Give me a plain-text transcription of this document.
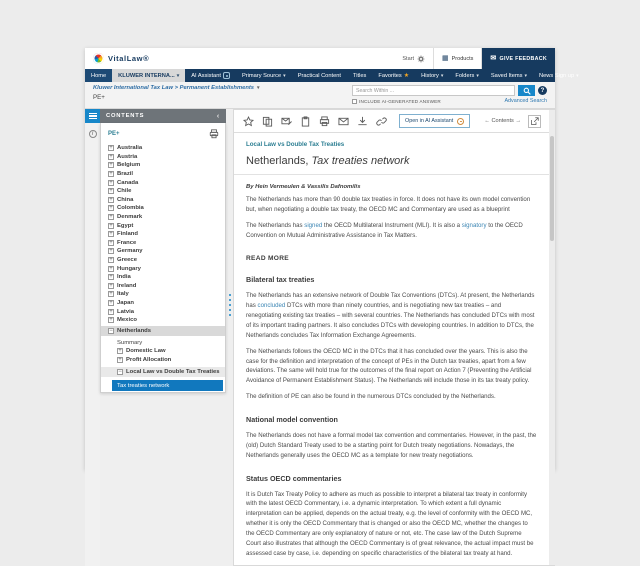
VitalLaw®	Start	▦ Products ✉ GIVE FEEDBACK
Home KLUWER INTERNA... ▾ AI Assistant	Primary Source ▾ Practical Content Titles Favorites ★ History ▾ Folders ▾ Saved Items ▾ News Sign up ▾
Kluwer International Tax Law > Permanent Establishments ▾
PE+
Search Within ...
?
INCLUDE AI-GENERATED ANSWER	Advanced Search
i
CONTENTS	‹
PE+
+ Australia
+ Austria
+ Belgium
+ Brazil
+ Canada
+ Chile
+ China
+ Colombia
+ Denmark
+ Egypt
+ Finland
+ France
+ Germany
+ Greece
+ Hungary
+ India
+ Ireland
+ Italy
+ Japan
+ Latvia
+ Mexico
− Netherlands
Summary
+ Domestic Law
+ Profit Allocation
− Local Law vs Double Tax Treaties
Tax treaties network
Open in AI Assistant	← Contents →
Local Law vs Double Tax Treaties
Netherlands, Tax treaties network

By Hein Vermeulen & Vassilis Dafnomilis

The Netherlands has more than 90 double tax treaties in force. It does not have its own model convention but, when negotiating a double tax treaty, the OECD MC and Commentary are used as a blueprint

The Netherlands has signed the OECD Multilateral Instrument (MLI). It is also a signatory to the OECD Convention on Mutual Administrative Assistance in Tax Matters.

READ MORE
Bilateral tax treaties

The Netherlands has an extensive network of Double Tax Conventions (DTCs). At present, the Netherlands has concluded DTCs with more than ninety countries, and is negotiating new tax treaties – and renegotiating existing tax treaties – with several countries. The Netherlands has concluded DTCs with most of its important trading partners. It also concludes DTCs with developing countries. In addition to DTCs, the Netherlands concludes Tax Information Exchange Agreements.

The Netherlands follows the OECD MC in the DTCs that it has concluded over the years. This is also the case for the definition and interpretation of the concept of PEs in the Dutch tax treaties, apart from a few deviations. The same will hold true for the outcomes of the final report on Action 7 (Preventing the Artificial Avoidance of Permanent Establishment Status). The Netherlands will include those in its tax treaty policy.

The definition of PE can also be found in the numerous DTCs concluded by the Netherlands.

National model convention

The Netherlands does not have a formal model tax convention and commentaries. However, in the past, the (old) Dutch Standard Treaty used to be a starting point for Dutch treaty negotiations. Nowadays, the Netherlands generally uses the OECD MC as a template for new treaty negotiations.

Status OECD commentaries

It is Dutch Tax Treaty Policy to adhere as much as possible to interpret a bilateral tax treaty in conformity with the latest OECD Commentary, i.e. a dynamic interpretation. To which extent a full dynamic interpretation can be applied, depends on the actual treaty, e.g. the level of conformity with the OECD MC, whether it is only the OECD Commentary that is changed or also the OECD MC, whether the changes to the OECD Commentary are only explanatory of nature or not, etc. The case law of the Dutch Supreme Court also illustrates that although the OECD Commentary is of great relevance, the actual impact must be assessed case by case, i.e. depending on specific characteristics of the bilateral tax treaty at hand.
